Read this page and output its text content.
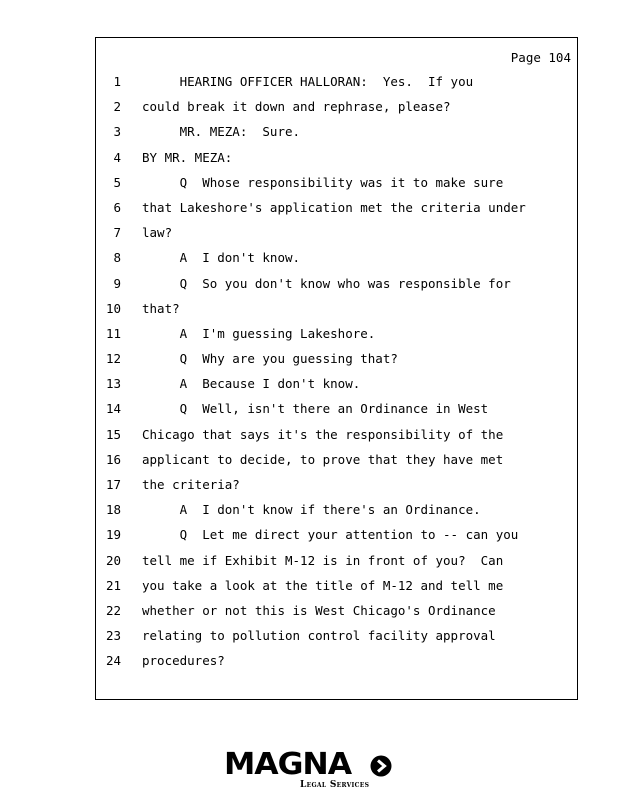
Page 104
1 HEARING OFFICER HALLORAN:  Yes.  If you
2 could break it down and rephrase, please?
3 MR. MEZA:  Sure.
4 BY MR. MEZA:
5 Q  Whose responsibility was it to make sure
6 that Lakeshore's application met the criteria under
7 law?
8 A  I don't know.
9 Q  So you don't know who was responsible for
10 that?
11 A  I'm guessing Lakeshore.
12 Q  Why are you guessing that?
13 A  Because I don't know.
14 Q  Well, isn't there an Ordinance in West
15 Chicago that says it's the responsibility of the
16 applicant to decide, to prove that they have met
17 the criteria?
18 A  I don't know if there's an Ordinance.
19 Q  Let me direct your attention to -- can you
20 tell me if Exhibit M-12 is in front of you?  Can
21 you take a look at the title of M-12 and tell me
22 whether or not this is West Chicago's Ordinance
23 relating to pollution control facility approval
24 procedures?
MAGNA
Legal Services
